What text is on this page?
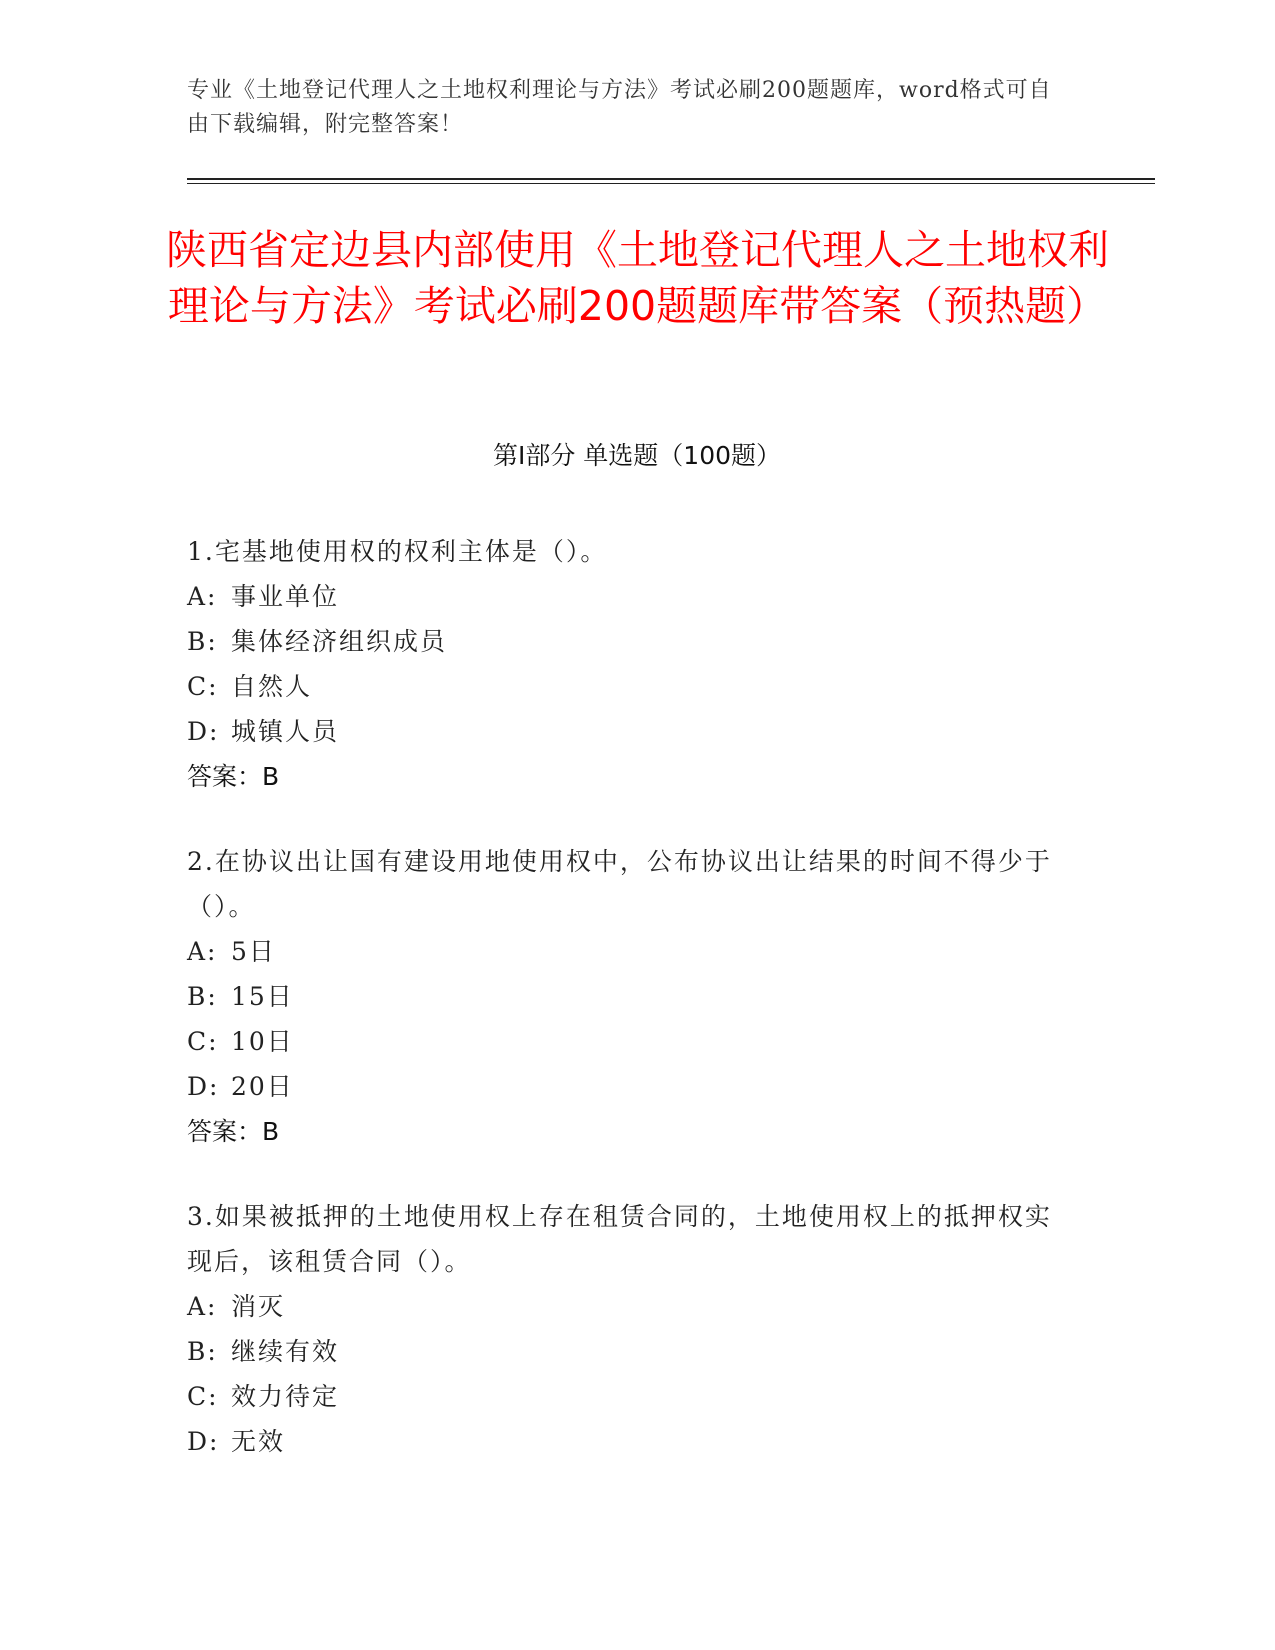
专业《土地登记代理人之土地权利理论与方法》考试必刷200题题库，word格式可自由下载编辑，附完整答案！
陕西省定边县内部使用《土地登记代理人之土地权利理论与方法》考试必刷200题题库带答案（预热题）
第Ⅰ部分 单选题（100题）
1.宅基地使用权的权利主体是（）。
A: 事业单位
B: 集体经济组织成员
C: 自然人
D: 城镇人员
答案：B
2.在协议出让国有建设用地使用权中，公布协议出让结果的时间不得少于（）。
A: 5日
B: 15日
C: 10日
D: 20日
答案：B
3.如果被抵押的土地使用权上存在租赁合同的，土地使用权上的抵押权实现后，该租赁合同（）。
A: 消灭
B: 继续有效
C: 效力待定
D: 无效
